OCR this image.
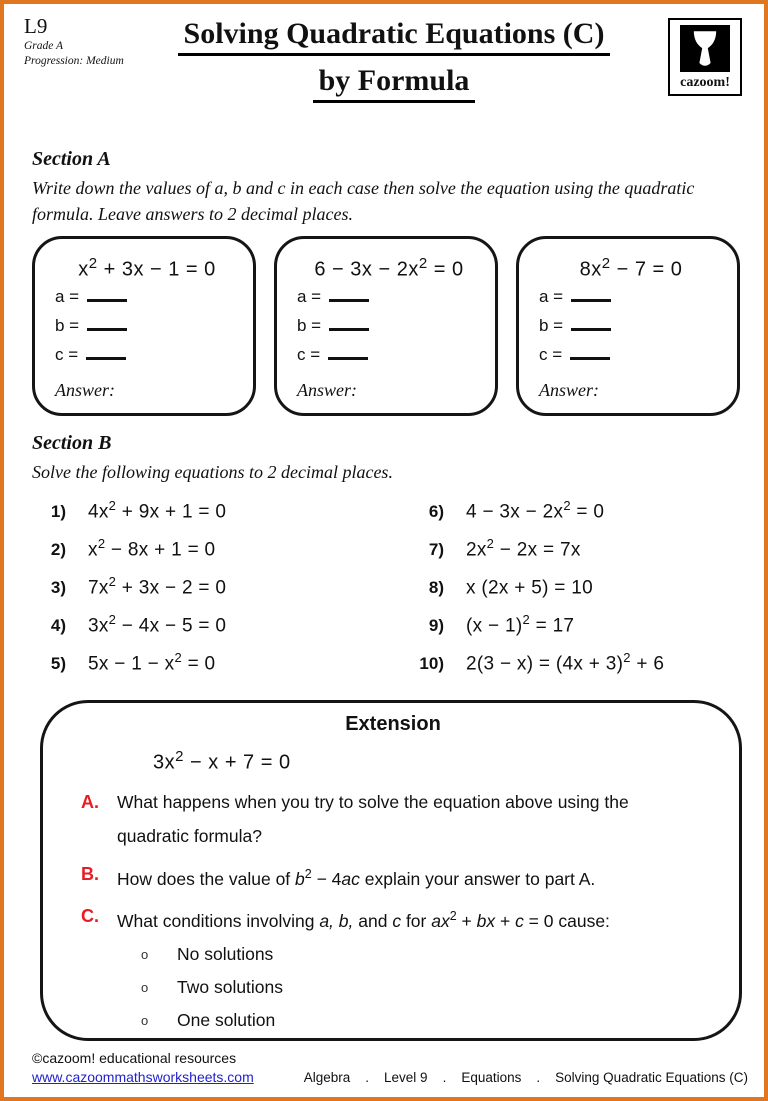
L9
Grade A
Progression: Medium
Solving Quadratic Equations (C)
by Formula	cazoom!
Section A
Write down the values of a, b and c in each case then solve the equation using the quadratic formula. Leave answers to 2 decimal places.
$x^2 + 3x - 1 = 0$
a =
b =
c =
Answer:
$6 - 3x - 2x^2 = 0$
a =
b =
c =
Answer:
$8x^2 - 7 = 0$
a =
b =
c =
Answer:
Section B
Solve the following equations to 2 decimal places.
1) $4x^2 + 9x + 1 = 0$
2) $x^2 - 8x + 1 = 0$
3) $7x^2 + 3x - 2 = 0$
4) $3x^2 - 4x - 5 = 0$
5) $5x - 1 - x^2 = 0$
6) $4 - 3x - 2x^2 = 0$
7) $2x^2 - 2x = 7x$
8) x (2x + 5) = 10
9) $(x - 1)^2 = 17$
10) $2(3 - x) = (4x + 3)^2 + 6$
Extension
$3x^2 - x + 7 = 0$
A.	What happens when you try to solve the equation above using the quadratic formula?
B.	How does the value of $b^2 - 4ac$ explain your answer to part A.
C.	What conditions involving a, b, and c for $ax^2$ + bx + c = 0 cause:
o	No solutions
o	Two solutions
o	One solution
©cazoom! educational resources
www.cazoommathsworksheets.com	Algebra . Level 9 . Equations . Solving Quadratic Equations (C)
